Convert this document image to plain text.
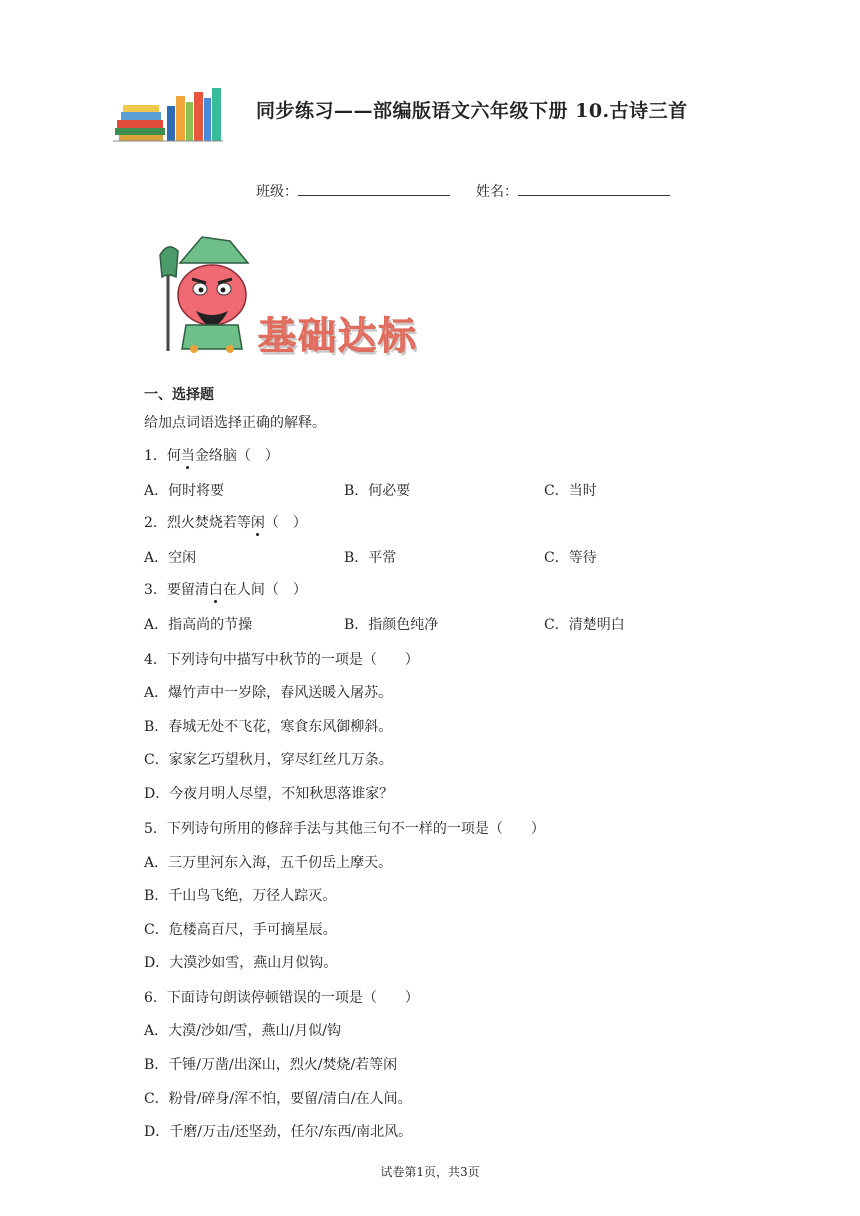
同步练习——部编版语文六年级下册 10.古诗三首
班级：	姓名：
基础达标
一、选择题
给加点词语选择正确的解释。
1．何当金络脑（　）
A．何时将要	B．何必要	C．当时
2．烈火焚烧若等闲（　）
A．空闲	B．平常	C．等待
3．要留清白在人间（　）
A．指高尚的节操	B．指颜色纯净	C．清楚明白
4．下列诗句中描写中秋节的一项是（　　）
A．爆竹声中一岁除，春风送暖入屠苏。
B．春城无处不飞花，寒食东风御柳斜。
C．家家乞巧望秋月，穿尽红丝几万条。
D．今夜月明人尽望，不知秋思落谁家？
5．下列诗句所用的修辞手法与其他三句不一样的一项是（　　）
A．三万里河东入海，五千仞岳上摩天。
B．千山鸟飞绝，万径人踪灭。
C．危楼高百尺，手可摘星辰。
D．大漠沙如雪，燕山月似钩。
6．下面诗句朗读停顿错误的一项是（　　）
A．大漠/沙如/雪，燕山/月似/钩
B．千锤/万凿/出深山，烈火/焚烧/若等闲
C．粉骨/碎身/浑不怕，要留/清白/在人间。
D．千磨/万击/还坚劲，任尔/东西/南北风。
试卷第1页，共3页
